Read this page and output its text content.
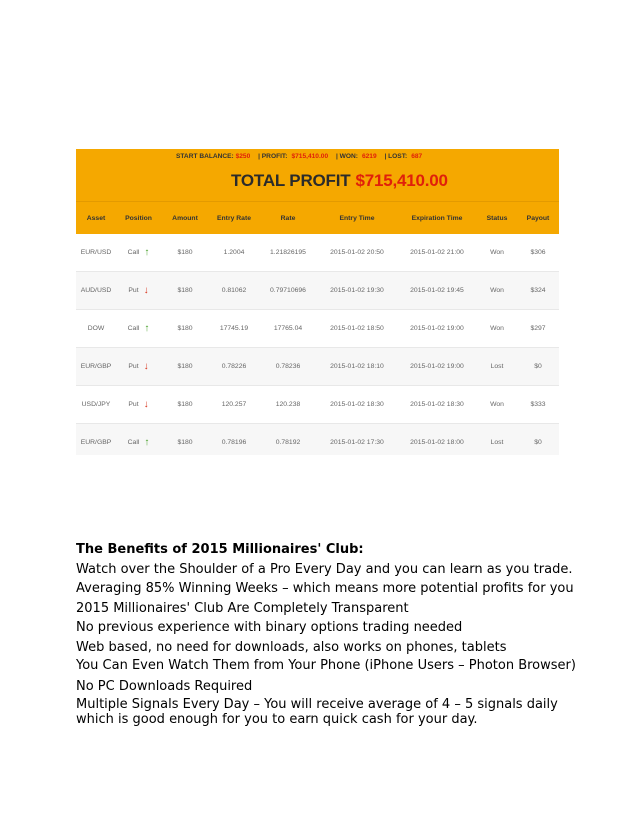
START BALANCE: $250 | PROFIT: $715,410.00 | WON: 6219 | LOST: 687
TOTAL PROFIT $715,410.00
Asset	Position	Amount	Entry Rate	Rate	Entry Time	Expiration Time	Status	Payout
EUR/USD	Call ↑	$180	1.2004	1.21826195	2015-01-02 20:50	2015-01-02 21:00	Won	$306
AUD/USD	Put ↓	$180	0.81062	0.79710696	2015-01-02 19:30	2015-01-02 19:45	Won	$324
DOW	Call ↑	$180	17745.19	17765.04	2015-01-02 18:50	2015-01-02 19:00	Won	$297
EUR/GBP	Put ↓	$180	0.78226	0.78236	2015-01-02 18:10	2015-01-02 19:00	Lost	$0
USD/JPY	Put ↓	$180	120.257	120.238	2015-01-02 18:30	2015-01-02 18:30	Won	$333
EUR/GBP	Call ↑	$180	0.78196	0.78192	2015-01-02 17:30	2015-01-02 18:00	Lost	$0

The Benefits of 2015 Millionaires' Club:

Watch over the Shoulder of a Pro Every Day and you can learn as you trade.

Averaging 85% Winning Weeks – which means more potential profits for you

2015 Millionaires' Club Are Completely Transparent

No previous experience with binary options trading needed

Web based, no need for downloads, also works on phones, tablets

You Can Even Watch Them from Your Phone (iPhone Users – Photon Browser)

No PC Downloads Required

Multiple Signals Every Day – You will receive average of 4 – 5 signals daily which is good enough for you to earn quick cash for your day.
